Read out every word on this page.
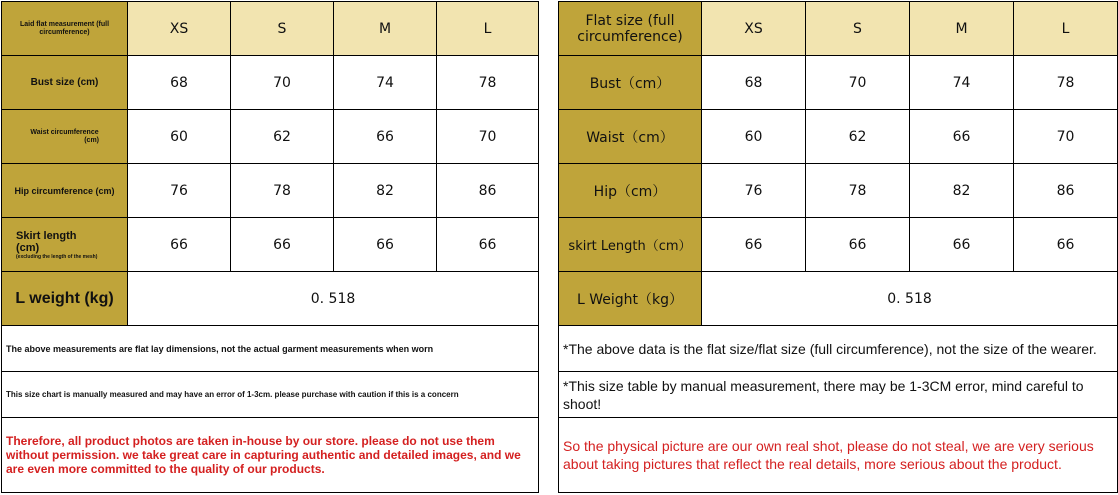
Laid flat measurement (full circumference)	XS	S	M	L
Bust size (cm)	68	70	74	78

Waist circumference
(cm)	60	62	66	70
Hip circumference (cm)	76	78	82	86

Skirt length
(cm)
(excluding the length of the mesh)	66	66	66	66
L weight (kg)	0. 518			
The above measurements are flat lay dimensions, not the actual garment measurements when worn				
This size chart is manually measured and may have an error of 1-3cm. please purchase with caution if this is a concern				
Therefore, all product photos are taken in-house by our store. please do not use them without permission. we take great care in capturing authentic and detailed images, and we are even more committed to the quality of our products.				
Flat size (full circumference)	XS	S	M	L
Bust（cm）	68	70	74	78
Waist（cm）	60	62	66	70
Hip（cm）	76	78	82	86
skirt Length（cm）	66	66	66	66
L Weight（kg）	0. 518			
*The above data is the flat size/flat size (full circumference), not the size of the wearer.				
*This size table by manual measurement, there may be 1-3CM error, mind careful to shoot!				
So the physical picture are our own real shot, please do not steal, we are very serious about taking pictures that reflect the real details, more serious about the product.				
